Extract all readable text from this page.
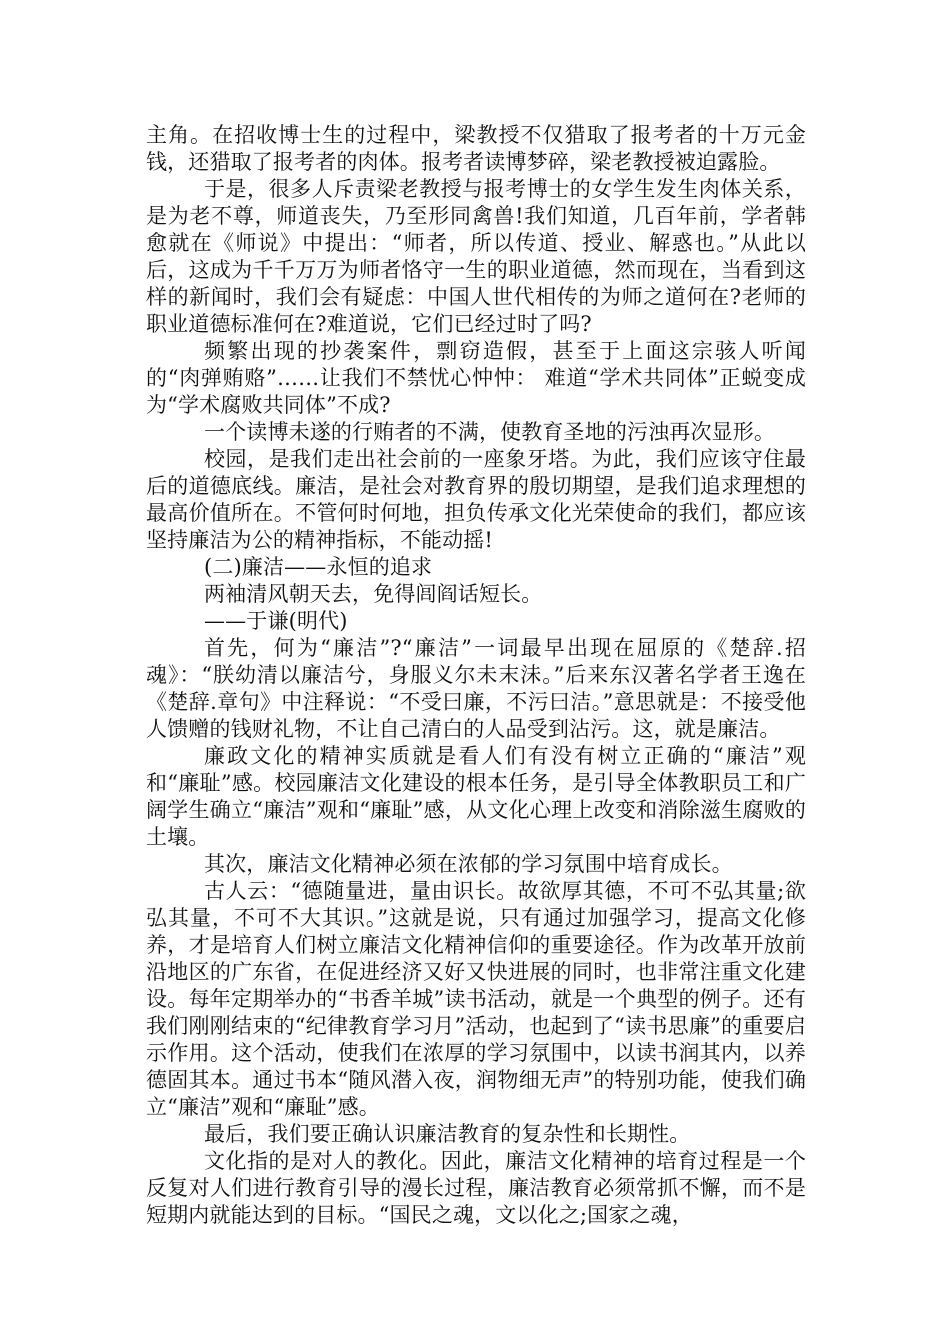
主角。在招收博士生的过程中，梁教授不仅猎取了报考者的十万元金钱，还猎取了报考者的肉体。报考者读博梦碎，梁老教授被迫露脸。

于是，很多人斥责梁老教授与报考博士的女学生发生肉体关系，是为老不尊，师道丧失，乃至形同禽兽!我们知道，几百年前，学者韩愈就在《师说》中提出：“师者，所以传道、授业、解惑也。”从此以后，这成为千千万万为师者恪守一生的职业道德，然而现在，当看到这样的新闻时，我们会有疑虑：中国人世代相传的为师之道何在?老师的职业道德标准何在?难道说，它们已经过时了吗?

频繁出现的抄袭案件，剽窃造假，甚至于上面这宗骇人听闻的“肉弹贿赂”……让我们不禁忧心忡忡： 难道“学术共同体”正蜕变成为“学术腐败共同体”不成?

一个读博未遂的行贿者的不满，使教育圣地的污浊再次显形。

校园，是我们走出社会前的一座象牙塔。为此，我们应该守住最后的道德底线。廉洁，是社会对教育界的殷切期望，是我们追求理想的最高价值所在。不管何时何地，担负传承文化光荣使命的我们，都应该坚持廉洁为公的精神指标，不能动摇!

(二)廉洁——永恒的追求

两袖清风朝天去，免得闾阎话短长。

——于谦(明代)

首先，何为“廉洁”?“廉洁”一词最早出现在屈原的《楚辞.招魂》：“朕幼清以廉洁兮，身服义尔未末沬。”后来东汉著名学者王逸在《楚辞.章句》中注释说：“不受曰廉，不污曰洁。”意思就是：不接受他人馈赠的钱财礼物，不让自己清白的人品受到沾污。这，就是廉洁。

廉政文化的精神实质就是看人们有没有树立正确的“廉洁”观和“廉耻”感。校园廉洁文化建设的根本任务，是引导全体教职员工和广阔学生确立“廉洁”观和“廉耻”感，从文化心理上改变和消除滋生腐败的土壤。

其次，廉洁文化精神必须在浓郁的学习氛围中培育成长。

古人云：“德随量进，量由识长。故欲厚其德，不可不弘其量;欲弘其量，不可不大其识。”这就是说，只有通过加强学习，提高文化修养，才是培育人们树立廉洁文化精神信仰的重要途径。作为改革开放前沿地区的广东省，在促进经济又好又快进展的同时，也非常注重文化建设。每年定期举办的“书香羊城”读书活动，就是一个典型的例子。还有我们刚刚结束的“纪律教育学习月”活动，也起到了“读书思廉”的重要启示作用。这个活动，使我们在浓厚的学习氛围中，以读书润其内，以养德固其本。通过书本“随风潜入夜，润物细无声”的特别功能，使我们确立“廉洁”观和“廉耻”感。

最后，我们要正确认识廉洁教育的复杂性和长期性。

文化指的是对人的教化。因此，廉洁文化精神的培育过程是一个反复对人们进行教育引导的漫长过程，廉洁教育必须常抓不懈，而不是短期内就能达到的目标。“国民之魂，文以化之;国家之魂，
